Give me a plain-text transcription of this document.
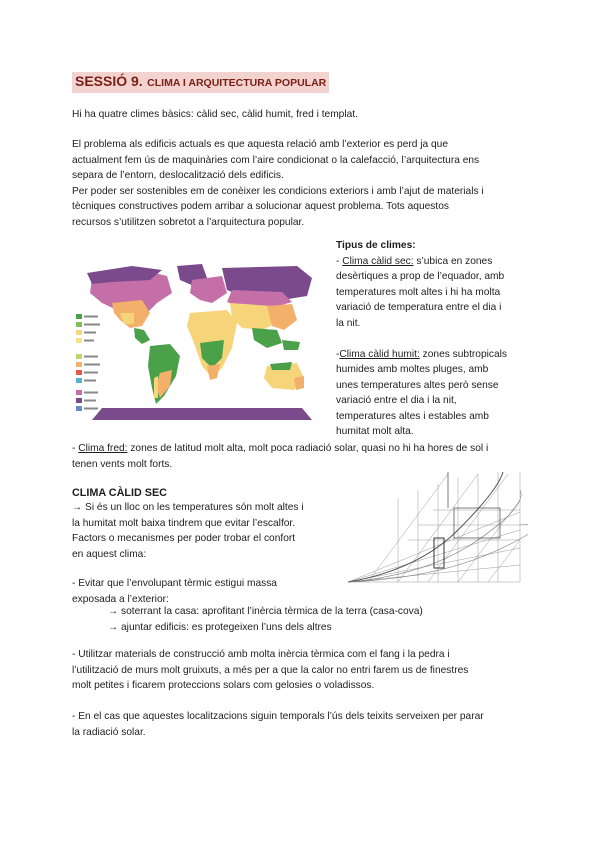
SESSIÓ 9. CLIMA I ARQUITECTURA POPULAR
Hi ha quatre climes bàsics: càlid sec, càlid humit, fred i templat.
El problema als edificis actuals es que aquesta relació amb l’exterior es perd ja que
actualment fem ús de maquinàries com l’aire condicionat o la calefacció, l’arquitectura ens
separa de l’entorn, deslocalització dels edificis.
Per poder ser sostenibles em de conèixer les condicions exteriors i amb l’ajut de materials i
tècniques constructives podem arribar a solucionar aquest problema. Tots aquestos
recursos s’utilitzen sobretot a l’arquitectura popular.
Tipus de climes:
- Clima càlid sec: s’ubica en zones
desèrtiques a prop de l’equador, amb
temperatures molt altes i hi ha molta
variació de temperatura entre el dia i
la nit.
-Clima càlid humit: zones subtropicals
humides amb moltes pluges, amb
unes temperatures altes però sense
variació entre el dia i la nit,
temperatures altes i estables amb
humitat molt alta.
- Clima fred: zones de latitud molt alta, molt poca radiació solar, quasi no hi ha hores de sol i
tenen vents molt forts.
CLIMA CÀLID SEC
→ Si és un lloc on les temperatures són molt altes i
la humitat molt baixa tindrem que evitar l’escalfor.
Factors o mecanismes per poder trobar el confort
en aquest clima:
- Evitar que l’envolupant tèrmic estigui massa
exposada a l’exterior:
→ soterrant la casa: aprofitant l’inèrcia tèrmica de la terra (casa-cova)
→ ajuntar edificis: es protegeixen l’uns dels altres
- Utilitzar materials de construcció amb molta inèrcia tèrmica com el fang i la pedra i
l’utilització de murs molt gruixuts, a més per a que la calor no entri farem us de finestres
molt petites i ficarem proteccions solars com gelosies o voladissos.
- En el cas que aquestes localitzacions siguin temporals l’ús dels teixits serveixen per parar
la radiació solar.
